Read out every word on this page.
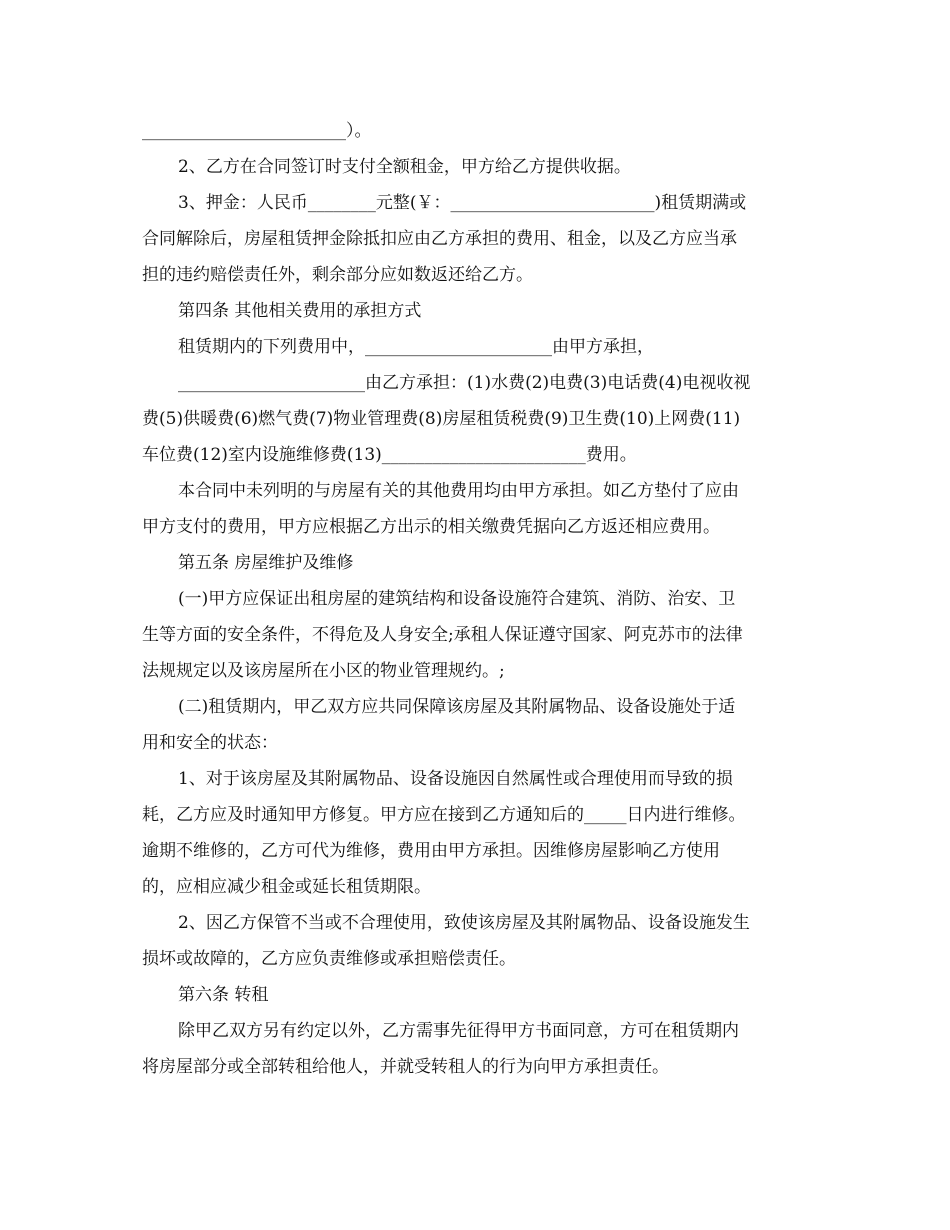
________________________）。
2、乙方在合同签订时支付全额租金，甲方给乙方提供收据。
3、押金：人民币________元整(￥：________________________)租赁期满或
合同解除后，房屋租赁押金除抵扣应由乙方承担的费用、租金，以及乙方应当承
担的违约赔偿责任外，剩余部分应如数返还给乙方。
第四条 其他相关费用的承担方式
租赁期内的下列费用中，______________________由甲方承担，
______________________由乙方承担：(1)水费(2)电费(3)电话费(4)电视收视
费(5)供暖费(6)燃气费(7)物业管理费(8)房屋租赁税费(9)卫生费(10)上网费(11)
车位费(12)室内设施维修费(13)________________________费用。
本合同中未列明的与房屋有关的其他费用均由甲方承担。如乙方垫付了应由
甲方支付的费用，甲方应根据乙方出示的相关缴费凭据向乙方返还相应费用。
第五条 房屋维护及维修
(一)甲方应保证出租房屋的建筑结构和设备设施符合建筑、消防、治安、卫
生等方面的安全条件，不得危及人身安全;承租人保证遵守国家、阿克苏市的法律
法规规定以及该房屋所在小区的物业管理规约。;
(二)租赁期内，甲乙双方应共同保障该房屋及其附属物品、设备设施处于适
用和安全的状态：
1、对于该房屋及其附属物品、设备设施因自然属性或合理使用而导致的损
耗，乙方应及时通知甲方修复。甲方应在接到乙方通知后的_____日内进行维修。
逾期不维修的，乙方可代为维修，费用由甲方承担。因维修房屋影响乙方使用
的，应相应减少租金或延长租赁期限。
2、因乙方保管不当或不合理使用，致使该房屋及其附属物品、设备设施发生
损坏或故障的，乙方应负责维修或承担赔偿责任。
第六条 转租
除甲乙双方另有约定以外，乙方需事先征得甲方书面同意，方可在租赁期内
将房屋部分或全部转租给他人，并就受转租人的行为向甲方承担责任。
